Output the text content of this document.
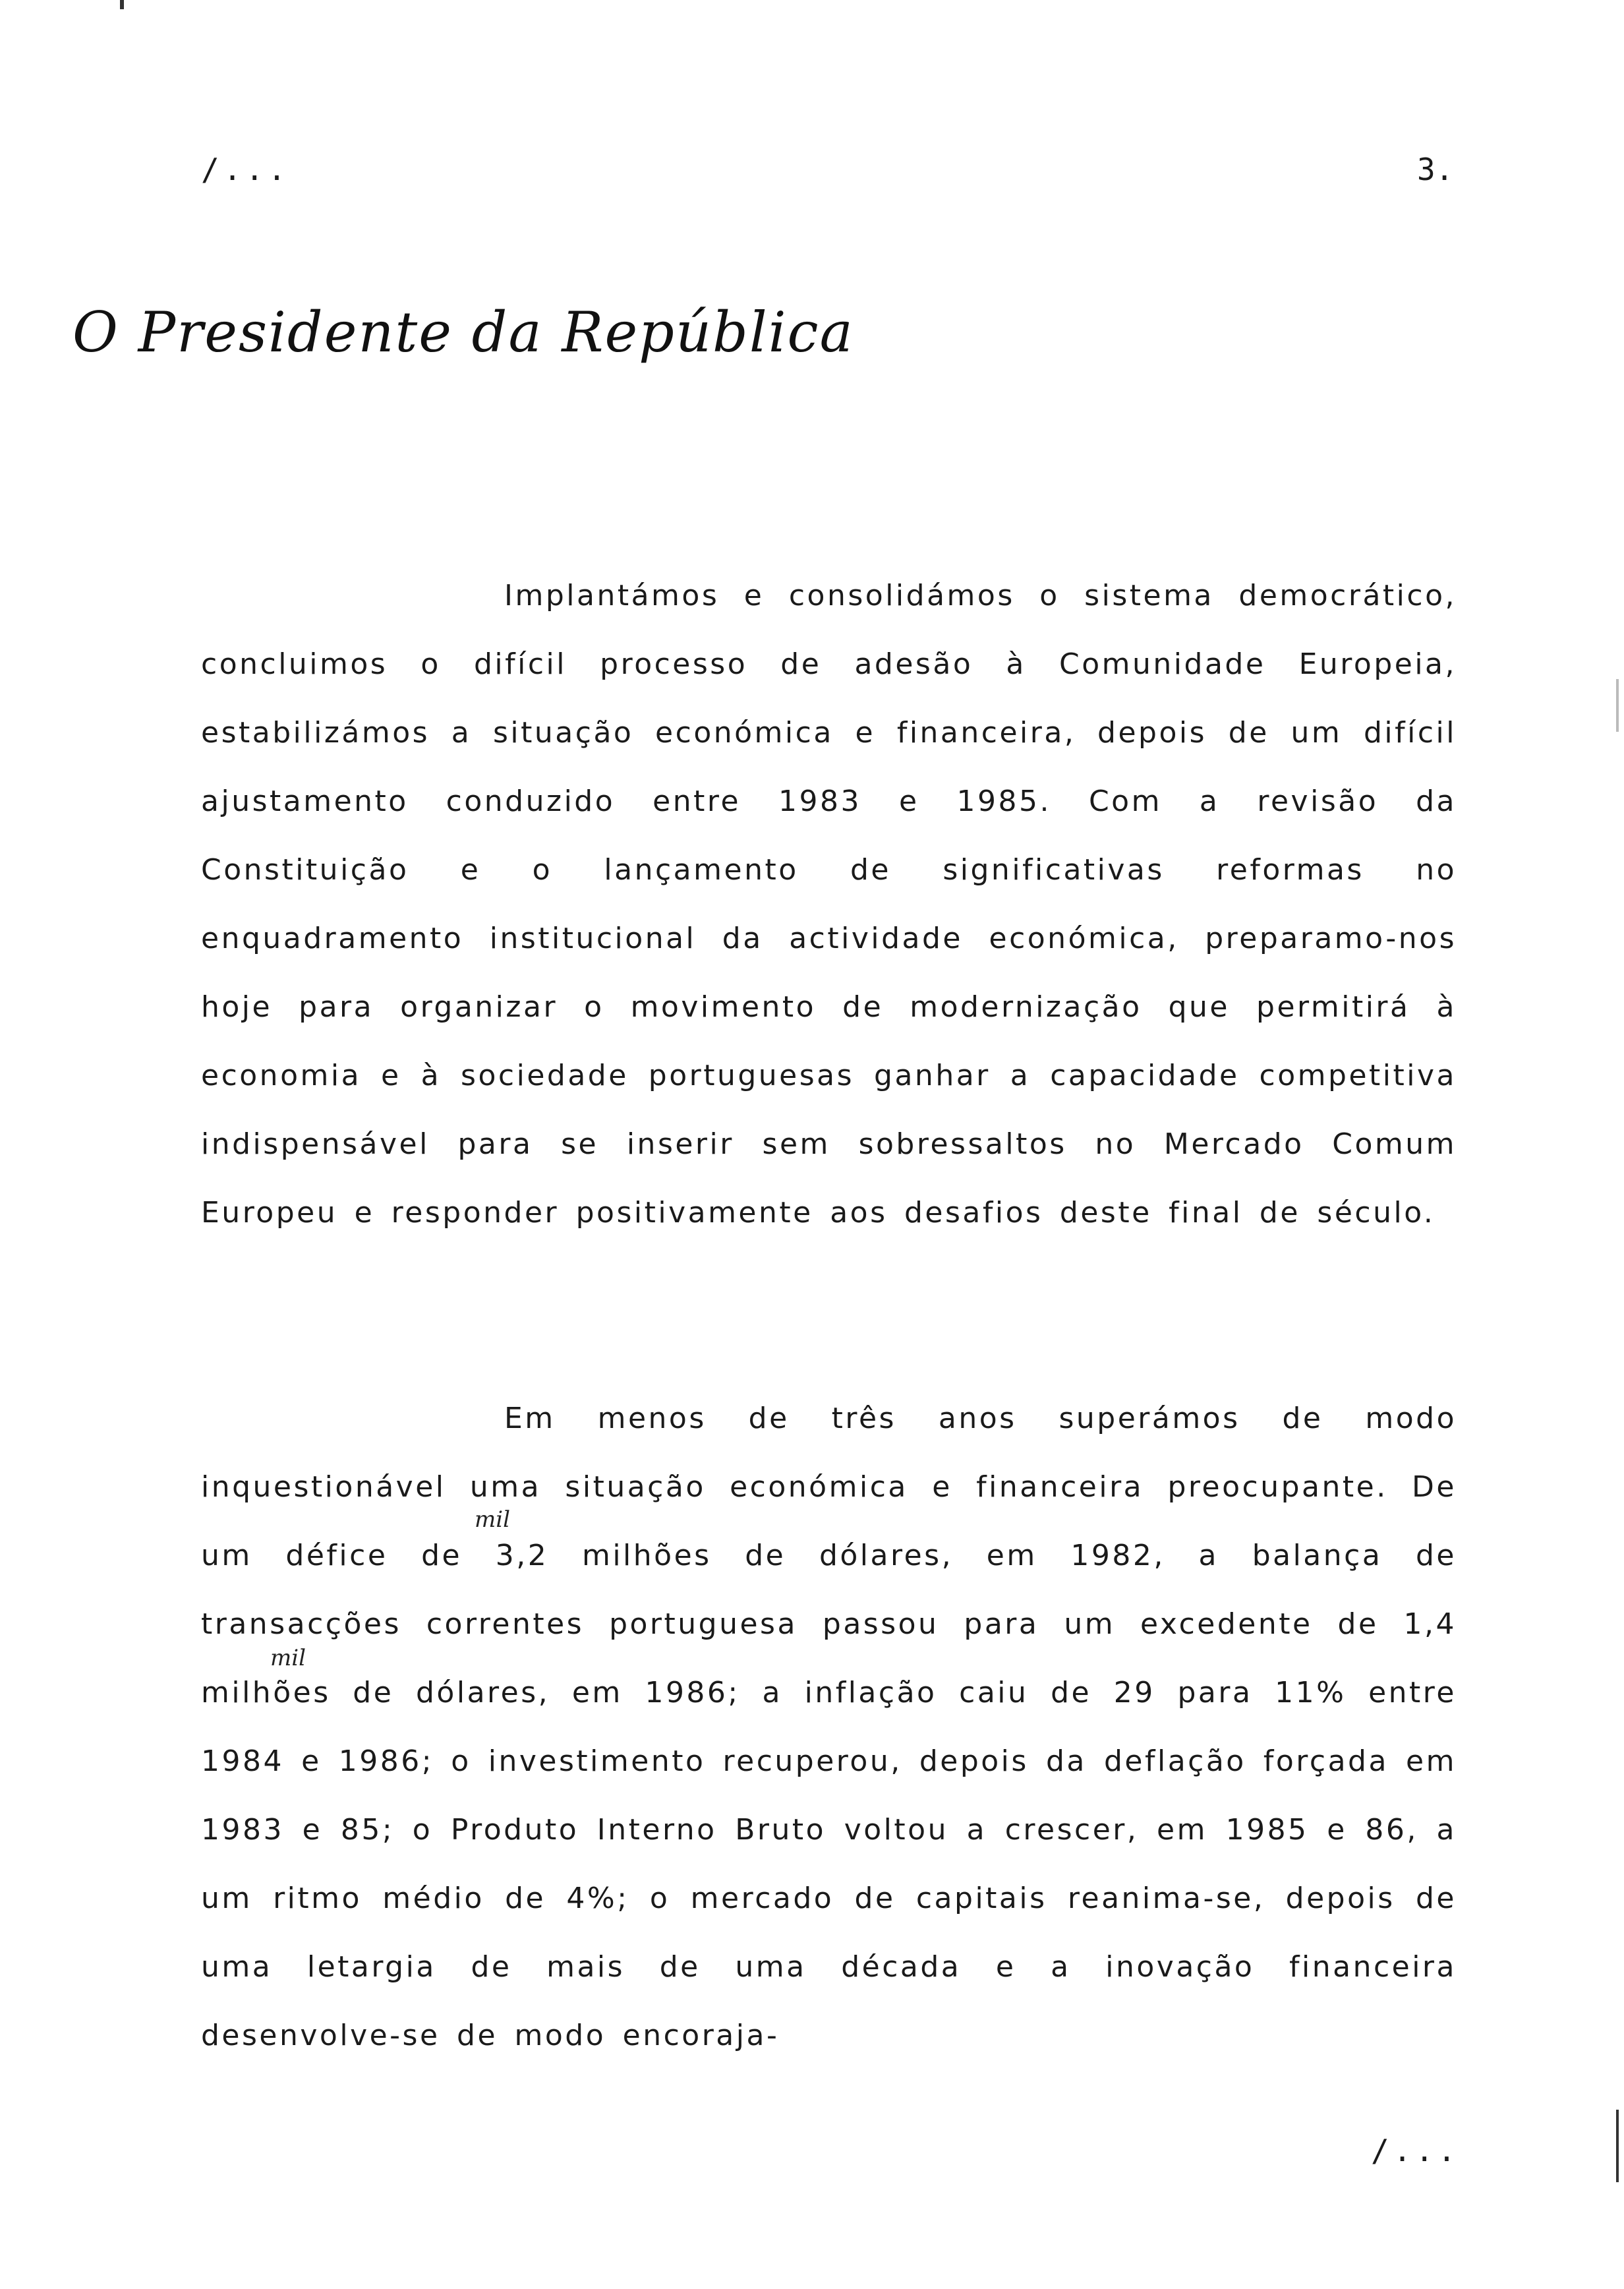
/...	3.
O Presidente da República
Implantámos e consolidámos o sistema democrático, concluimos o difícil processo de adesão à Comunidade Europeia, estabilizámos a situação económica e financeira, depois de um difícil ajustamento conduzido entre 1983 e 1985. Com a revisão da Constituição e o lançamento de significativas reformas no enquadramento institucional da actividade económica, preparamo-nos hoje para organizar o movimento de modernização que permitirá à economia e à sociedade portuguesas ganhar a capacidade competitiva indispensável para se inserir sem sobressaltos no Mercado Comum Europeu e responder positivamente aos desafios deste final de século.
Em menos de três anos superámos de modo inquestionável uma situação económica e financeira preocupante. De um défice de 3,2 milhões de dólares, em 1982, a balança de transacções correntes portuguesa passou para um excedente de 1,4 milhões de dólares, em 1986; a inflação caiu de 29 para 11% entre 1984 e 1986; o investimento recuperou, depois da deflação forçada em 1983 e 85; o Produto Interno Bruto voltou a crescer, em 1985 e 86, a um ritmo médio de 4%; o mercado de capitais reanima-se, depois de uma letargia de mais de uma década e a inovação financeira desenvolve-se de modo encoraja-
mil
mil
/...
